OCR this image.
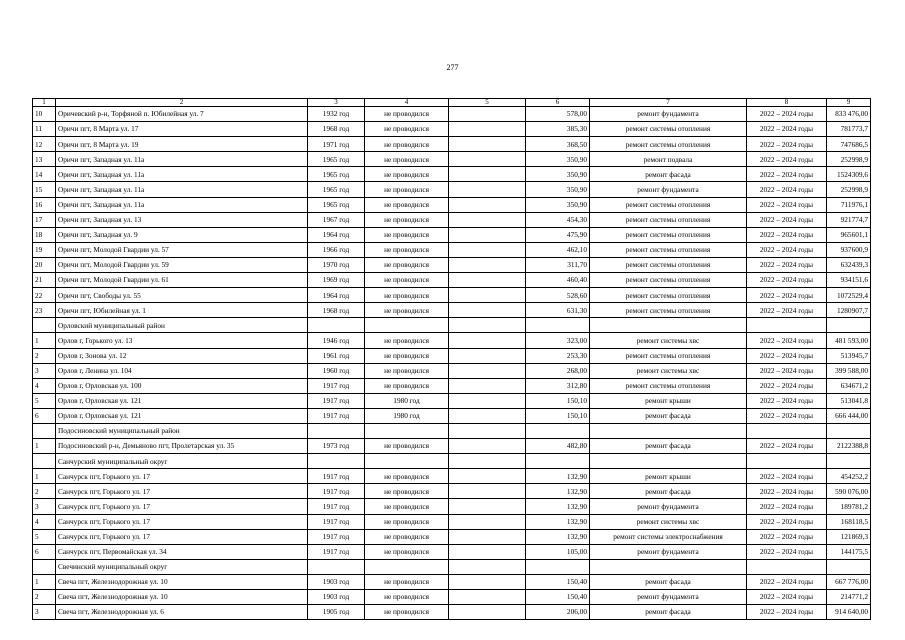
277
1	2	3	4	5	6	7	8	9
10	Оричевский р-н, Торфяной п. Юбилейная ул. 7	1932 год	не проводился		578,00	ремонт фундамента	2022 – 2024 годы	833 476,00
11	Оричи пгт, 8 Марта ул. 17	1968 год	не проводился		385,30	ремонт системы отопления	2022 – 2024 годы	781773,7
12	Оричи пгт, 8 Марта ул. 19	1971 год	не проводился		368,50	ремонт системы отопления	2022 – 2024 годы	747686,5
13	Оричи пгт, Западная ул. 11а	1965 год	не проводился		350,90	ремонт подвала	2022 – 2024 годы	252998,9
14	Оричи пгт, Западная ул. 11а	1965 год	не проводился		350,90	ремонт фасада	2022 – 2024 годы	1524309,6
15	Оричи пгт, Западная ул. 11а	1965 год	не проводился		350,90	ремонт фундамента	2022 – 2024 годы	252998,9
16	Оричи пгт, Западная ул. 11а	1965 год	не проводился		350,90	ремонт системы отопления	2022 – 2024 годы	711976,1
17	Оричи пгт, Западная ул. 13	1967 год	не проводился		454,30	ремонт системы отопления	2022 – 2024 годы	921774,7
18	Оричи пгт, Западная ул. 9	1964 год	не проводился		475,90	ремонт системы отопления	2022 – 2024 годы	965601,1
19	Оричи пгт, Молодой Гвардии ул. 57	1966 год	не проводился		462,10	ремонт системы отопления	2022 – 2024 годы	937600,9
20	Оричи пгт, Молодой Гвардии ул. 59	1970 год	не проводился		311,70	ремонт системы отопления	2022 – 2024 годы	632439,3
21	Оричи пгт, Молодой Гвардии ул. 61	1969 год	не проводился		460,40	ремонт системы отопления	2022 – 2024 годы	934151,6
22	Оричи пгт, Свободы ул. 55	1964 год	не проводился		528,60	ремонт системы отопления	2022 – 2024 годы	1072529,4
23	Оричи пгт, Юбилейная ул. 1	1968 год	не проводился		631,30	ремонт системы отопления	2022 – 2024 годы	1280907,7
	Орловский муниципальный район							
1	Орлов г, Горького ул. 13	1946 год	не проводился		323,00	ремонт системы хвс	2022 – 2024 годы	481 593,00
2	Орлов г, Зонова ул. 12	1961 год	не проводился		253,30	ремонт системы отопления	2022 – 2024 годы	513945,7
3	Орлов г, Ленина ул. 104	1960 год	не проводился		268,00	ремонт системы хвс	2022 – 2024 годы	399 588,00
4	Орлов г, Орловская ул. 100	1917 год	не проводился		312,80	ремонт системы отопления	2022 – 2024 годы	634671,2
5	Орлов г, Орловская ул. 121	1917 год	1980 год		150,10	ремонт крыши	2022 – 2024 годы	513041,8
6	Орлов г, Орловская ул. 121	1917 год	1980 год		150,10	ремонт фасада	2022 – 2024 годы	666 444,00
	Подосиновский муниципальный район							
1	Подосиновский р-н, Демьяново пгт, Пролетарская ул. 35	1973 год	не проводился		482,80	ремонт фасада	2022 – 2024 годы	2122388,8
	Санчурский муниципальный округ							
1	Санчурск пгт, Горького ул. 17	1917 год	не проводился		132,90	ремонт крыши	2022 – 2024 годы	454252,2
2	Санчурск пгт, Горького ул. 17	1917 год	не проводился		132,90	ремонт фасада	2022 – 2024 годы	590 076,00
3	Санчурск пгт, Горького ул. 17	1917 год	не проводился		132,90	ремонт фундамента	2022 – 2024 годы	189781,2
4	Санчурск пгт, Горького ул. 17	1917 год	не проводился		132,90	ремонт системы хвс	2022 – 2024 годы	168118,5
5	Санчурск пгт, Горького ул. 17	1917 год	не проводился		132,90	ремонт системы электроснабжения	2022 – 2024 годы	121869,3
6	Санчурск пгт, Первомайская ул. 34	1917 год	не проводился		105,00	ремонт фундамента	2022 – 2024 годы	144175,5
	Свечинский муниципальный округ							
1	Свеча пгт, Железнодорожная ул. 10	1903 год	не проводился		150,40	ремонт фасада	2022 – 2024 годы	667 776,00
2	Свеча пгт, Железнодорожная ул. 10	1903 год	не проводился		150,40	ремонт фундамента	2022 – 2024 годы	214771,2
3	Свеча пгт, Железнодорожная ул. 6	1905 год	не проводился		206,00	ремонт фасада	2022 – 2024 годы	914 640,00
